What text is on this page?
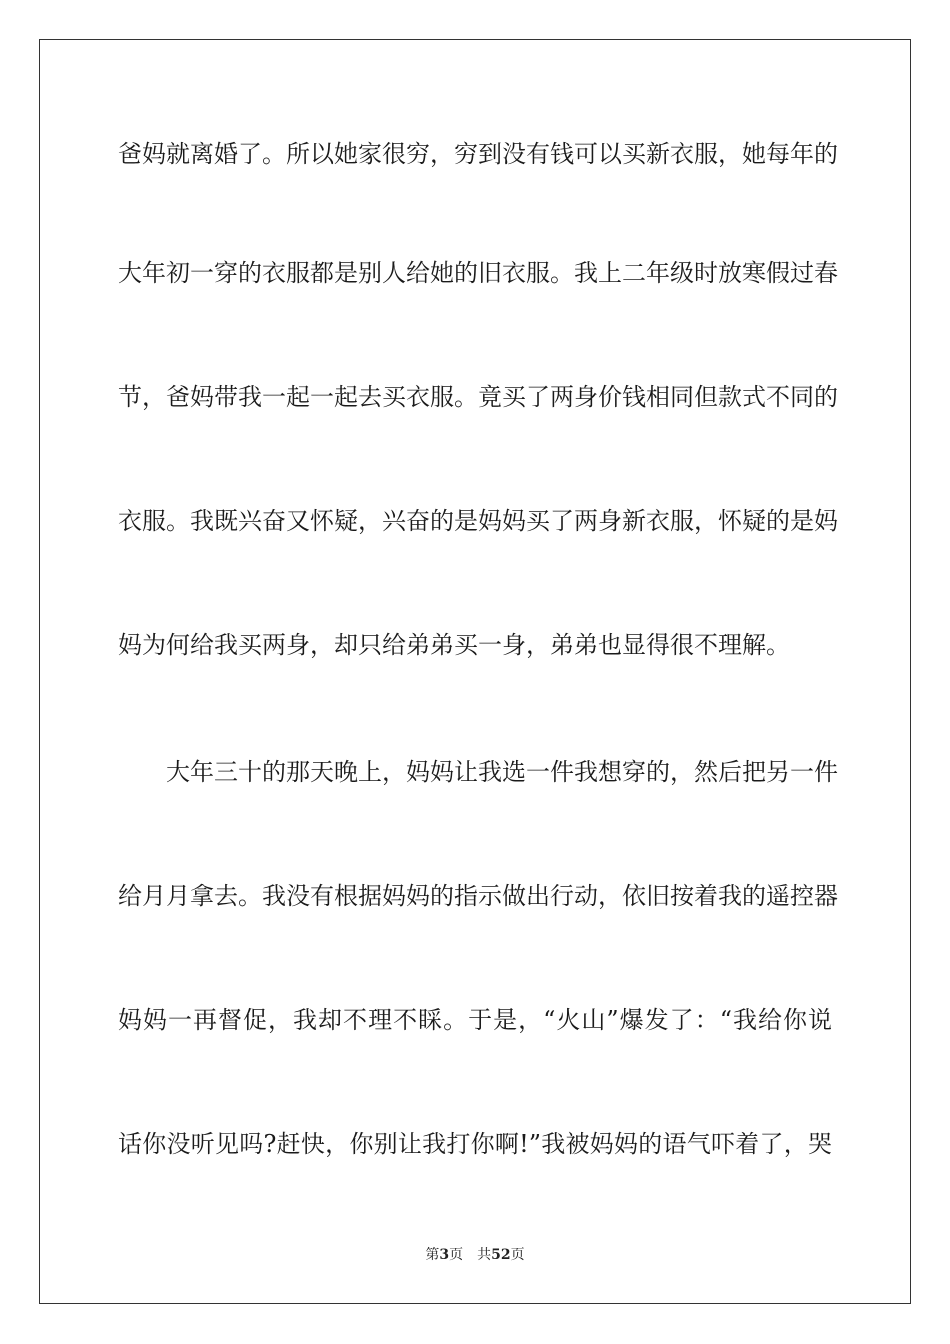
爸妈就离婚了。所以她家很穷，穷到没有钱可以买新衣服，她每年的
大年初一穿的衣服都是别人给她的旧衣服。我上二年级时放寒假过春
节，爸妈带我一起一起去买衣服。竟买了两身价钱相同但款式不同的
衣服。我既兴奋又怀疑，兴奋的是妈妈买了两身新衣服，怀疑的是妈
妈为何给我买两身，却只给弟弟买一身，弟弟也显得很不理解。
大年三十的那天晚上，妈妈让我选一件我想穿的，然后把另一件
给月月拿去。我没有根据妈妈的指示做出行动，依旧按着我的遥控器
妈妈一再督促，我却不理不睬。于是，“火山”爆发了：“我给你说
话你没听见吗?赶快，你别让我打你啊!”我被妈妈的语气吓着了，哭
第3页 共52页
